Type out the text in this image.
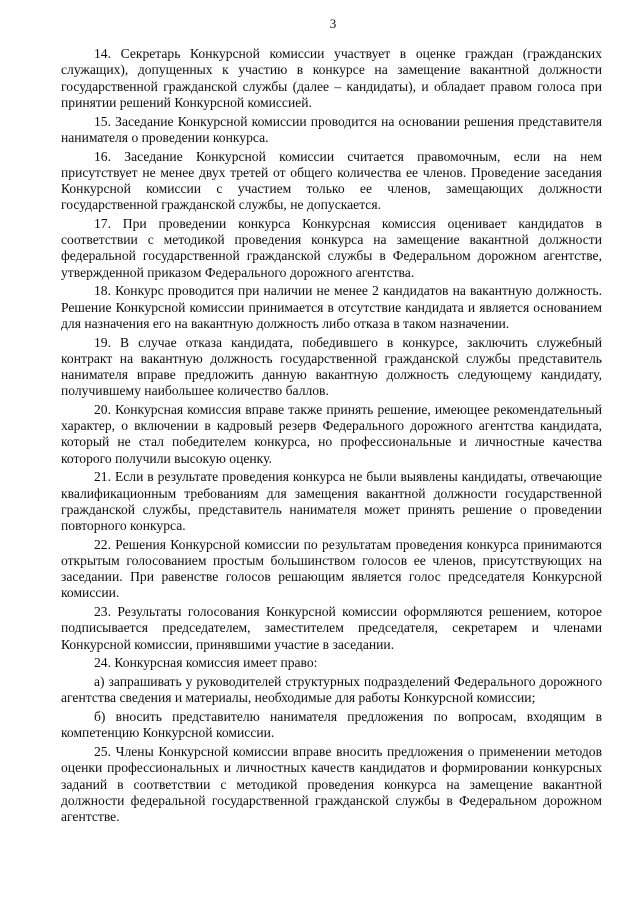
3

14. Секретарь Конкурсной комиссии участвует в оценке граждан (гражданских служащих), допущенных к участию в конкурсе на замещение вакантной должности государственной гражданской службы (далее – кандидаты), и обладает правом голоса при принятии решений Конкурсной комиссией.

15. Заседание Конкурсной комиссии проводится на основании решения представителя нанимателя о проведении конкурса.

16. Заседание Конкурсной комиссии считается правомочным, если на нем присутствует не менее двух третей от общего количества ее членов. Проведение заседания Конкурсной комиссии с участием только ее членов, замещающих должности государственной гражданской службы, не допускается.

17. При проведении конкурса Конкурсная комиссия оценивает кандидатов в соответствии с методикой проведения конкурса на замещение вакантной должности федеральной государственной гражданской службы в Федеральном дорожном агентстве, утвержденной приказом Федерального дорожного агентства.

18. Конкурс проводится при наличии не менее 2 кандидатов на вакантную должность. Решение Конкурсной комиссии принимается в отсутствие кандидата и является основанием для назначения его на вакантную должность либо отказа в таком назначении.

19. В случае отказа кандидата, победившего в конкурсе, заключить служебный контракт на вакантную должность государственной гражданской службы представитель нанимателя вправе предложить данную вакантную должность следующему кандидату, получившему наибольшее количество баллов.

20. Конкурсная комиссия вправе также принять решение, имеющее рекомендательный характер, о включении в кадровый резерв Федерального дорожного агентства кандидата, который не стал победителем конкурса, но профессиональные и личностные качества которого получили высокую оценку.

21. Если в результате проведения конкурса не были выявлены кандидаты, отвечающие квалификационным требованиям для замещения вакантной должности государственной гражданской службы, представитель нанимателя может принять решение о проведении повторного конкурса.

22. Решения Конкурсной комиссии по результатам проведения конкурса принимаются открытым голосованием простым большинством голосов ее членов, присутствующих на заседании. При равенстве голосов решающим является голос председателя Конкурсной комиссии.

23. Результаты голосования Конкурсной комиссии оформляются решением, которое подписывается председателем, заместителем председателя, секретарем и членами Конкурсной комиссии, принявшими участие в заседании.

24. Конкурсная комиссия имеет право:

а) запрашивать у руководителей структурных подразделений Федерального дорожного агентства сведения и материалы, необходимые для работы Конкурсной комиссии;

б) вносить представителю нанимателя предложения по вопросам, входящим в компетенцию Конкурсной комиссии.

25. Члены Конкурсной комиссии вправе вносить предложения о применении методов оценки профессиональных и личностных качеств кандидатов и формировании конкурсных заданий в соответствии с методикой проведения конкурса на замещение вакантной должности федеральной государственной гражданской службы в Федеральном дорожном агентстве.
